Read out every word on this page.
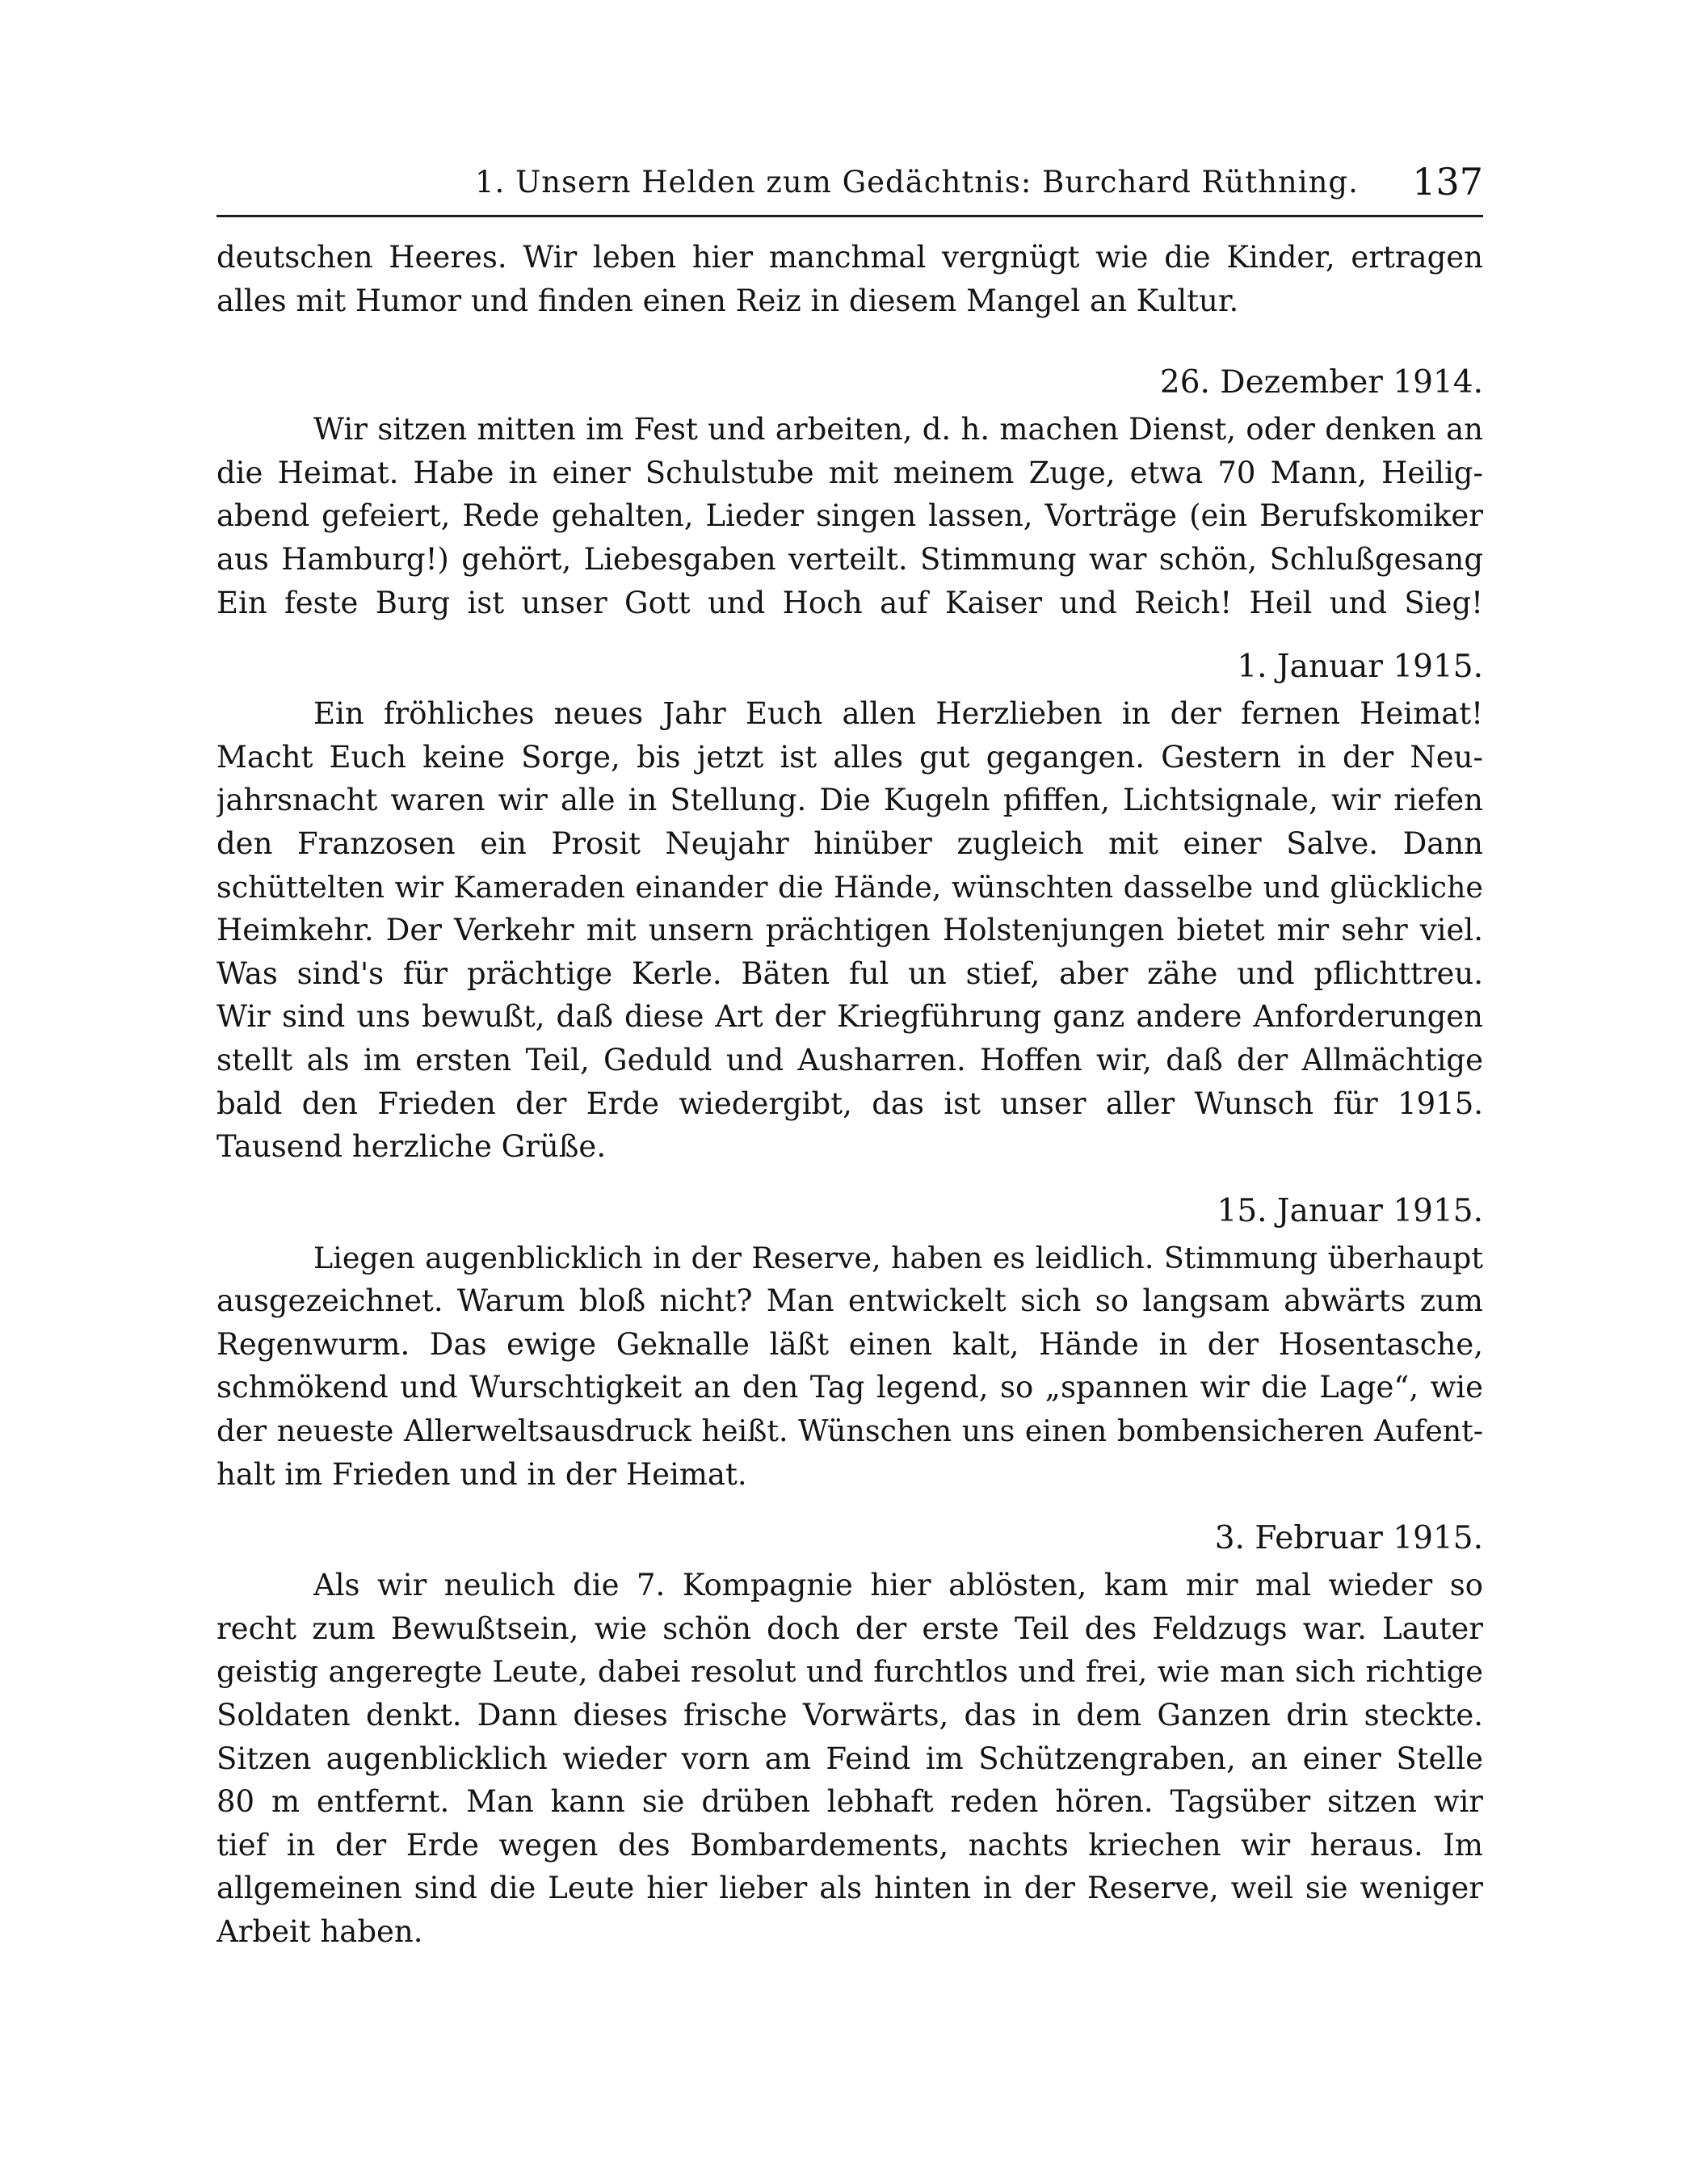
1. Unsern Helden zum Gedächtnis: Burchard Rüthning. 137
deutschen Heeres. Wir leben hier manchmal vergnügt wie die Kinder, ertragen
alles mit Humor und finden einen Reiz in diesem Mangel an Kultur.
26. Dezember 1914.
Wir sitzen mitten im Fest und arbeiten, d. h. machen Dienst, oder denken an
die Heimat. Habe in einer Schulstube mit meinem Zuge, etwa 70 Mann, Heilig-
abend gefeiert, Rede gehalten, Lieder singen lassen, Vorträge (ein Berufskomiker
aus Hamburg!) gehört, Liebesgaben verteilt. Stimmung war schön, Schlußgesang
Ein feste Burg ist unser Gott und Hoch auf Kaiser und Reich! Heil und Sieg!
1. Januar 1915.
Ein fröhliches neues Jahr Euch allen Herzlieben in der fernen Heimat!
Macht Euch keine Sorge, bis jetzt ist alles gut gegangen. Gestern in der Neu-
jahrsnacht waren wir alle in Stellung. Die Kugeln pfiffen, Lichtsignale, wir riefen
den Franzosen ein Prosit Neujahr hinüber zugleich mit einer Salve. Dann
schüttelten wir Kameraden einander die Hände, wünschten dasselbe und glückliche
Heimkehr. Der Verkehr mit unsern prächtigen Holstenjungen bietet mir sehr viel.
Was sind's für prächtige Kerle. Bäten ful un stief, aber zähe und pflichttreu.
Wir sind uns bewußt, daß diese Art der Kriegführung ganz andere Anforderungen
stellt als im ersten Teil, Geduld und Ausharren. Hoffen wir, daß der Allmächtige
bald den Frieden der Erde wiedergibt, das ist unser aller Wunsch für 1915.
Tausend herzliche Grüße.
15. Januar 1915.
Liegen augenblicklich in der Reserve, haben es leidlich. Stimmung überhaupt
ausgezeichnet. Warum bloß nicht? Man entwickelt sich so langsam abwärts zum
Regenwurm. Das ewige Geknalle läßt einen kalt, Hände in der Hosentasche,
schmökend und Wurschtigkeit an den Tag legend, so „spannen wir die Lage“, wie
der neueste Allerweltsausdruck heißt. Wünschen uns einen bombensicheren Aufent-
halt im Frieden und in der Heimat.
3. Februar 1915.
Als wir neulich die 7. Kompagnie hier ablösten, kam mir mal wieder so
recht zum Bewußtsein, wie schön doch der erste Teil des Feldzugs war. Lauter
geistig angeregte Leute, dabei resolut und furchtlos und frei, wie man sich richtige
Soldaten denkt. Dann dieses frische Vorwärts, das in dem Ganzen drin steckte.
Sitzen augenblicklich wieder vorn am Feind im Schützengraben, an einer Stelle
80 m entfernt. Man kann sie drüben lebhaft reden hören. Tagsüber sitzen wir
tief in der Erde wegen des Bombardements, nachts kriechen wir heraus. Im
allgemeinen sind die Leute hier lieber als hinten in der Reserve, weil sie weniger
Arbeit haben.
